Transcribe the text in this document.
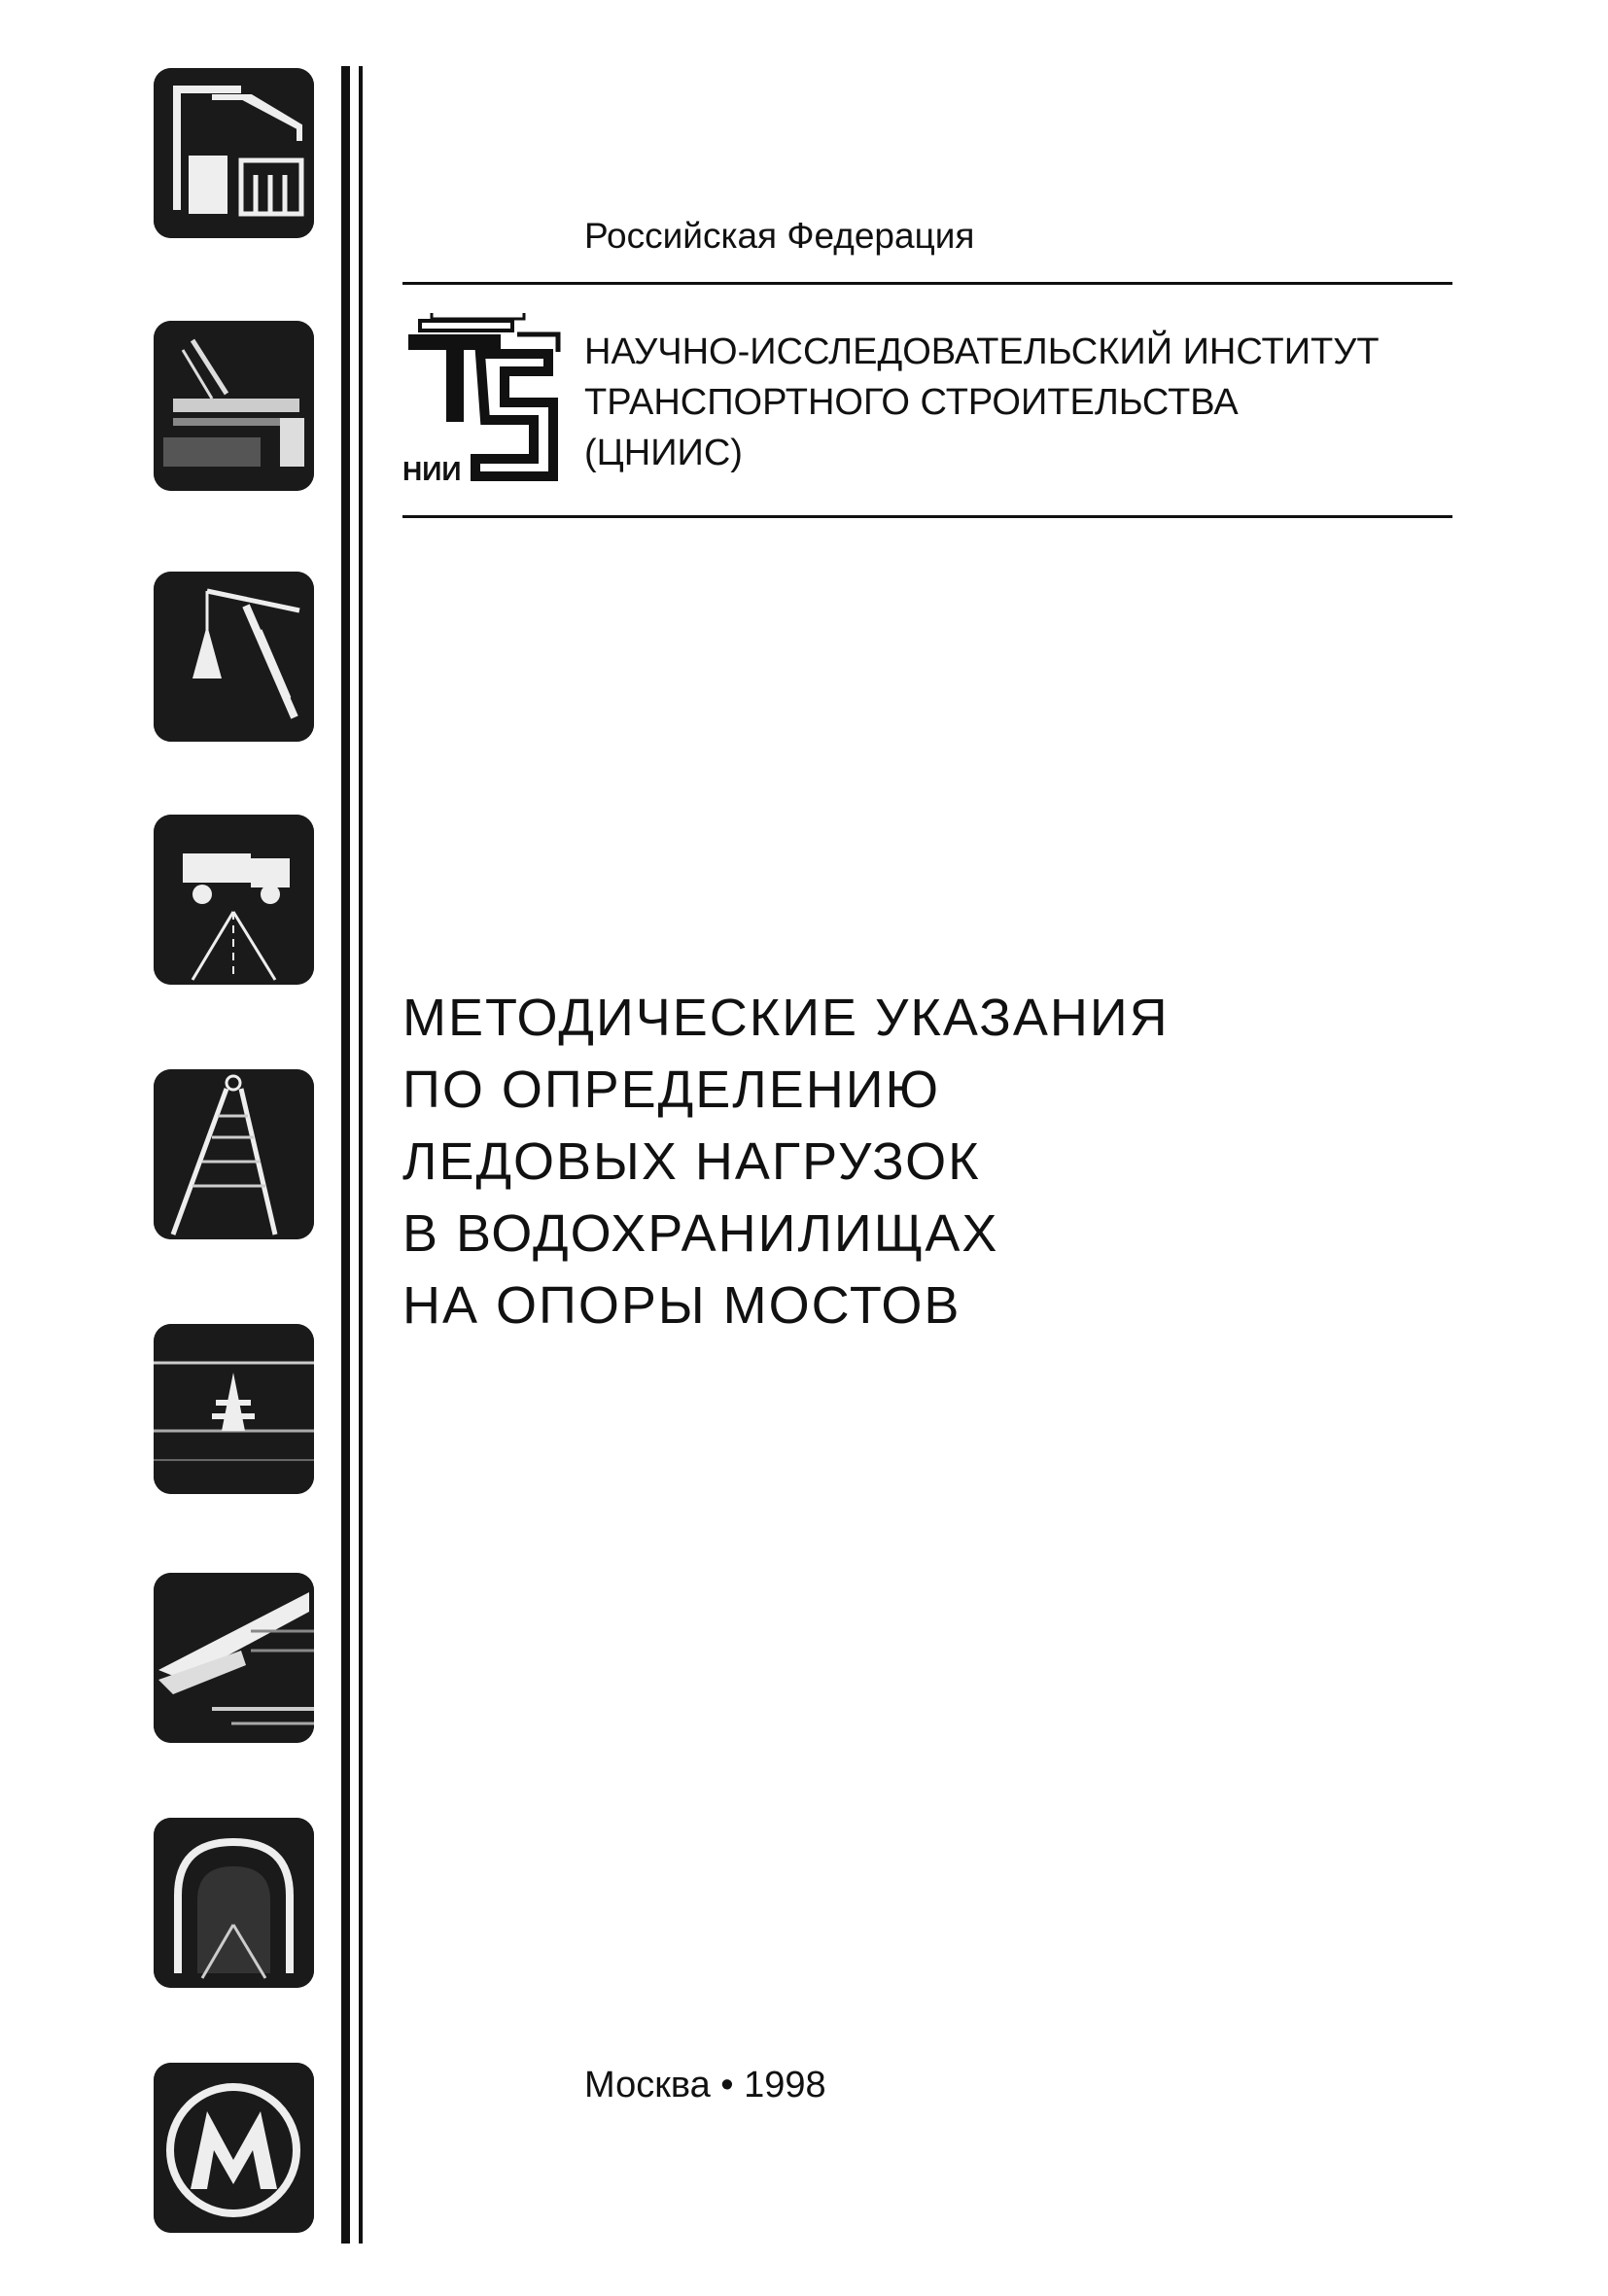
Российская Федерация
НИИ
НАУЧНО-ИССЛЕДОВАТЕЛЬСКИЙ ИНСТИТУТ
ТРАНСПОРТНОГО СТРОИТЕЛЬСТВА
(ЦНИИС)
МЕТОДИЧЕСКИЕ УКАЗАНИЯ
ПО ОПРЕДЕЛЕНИЮ
ЛЕДОВЫХ НАГРУЗОК
В ВОДОХРАНИЛИЩАХ
НА ОПОРЫ МОСТОВ
Москва • 1998
